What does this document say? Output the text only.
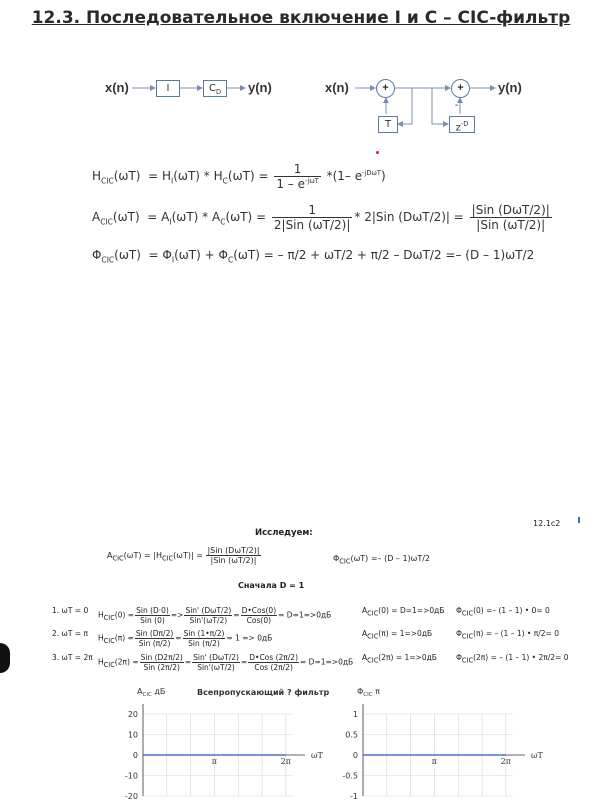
12.3. Последовательное включение I и С – CIC-фильтр
x(n)	I	$C_D$	y(n)	x(n)	+	+
T	$z^{-D}$
-
y(n)
$H_{CIC}(\omega T) = H_I(\omega T) * H_C(\omega T) = \frac{1}{1 - e^{-j\omega T}} *(1-$ $e^{-jD\omega T}$)
$A_{CIC}(\omega T) = A_I(\omega T) * A_C(\omega T) = \frac{1}{\text{2|Sin (ωT/2)|}} * 2|Sin$ $(D\omega T/2)| = \frac{\text{|Sin (DωT/2)|}}{\text{|Sin (ωT/2)|}}$
$\Phi_{CIC}(\omega T) = \Phi_I(\omega T) + \Phi_C(\omega T)$ = – π/2 + ωT/2 + π/2 – DωT/2 =– (D – 1)ωT/2
12.1c2
Исследуем:
$A_{CIC}(\omega T) = |H_{CIC}(\omega T)| = \frac{\text{|Sin (DωT/2)|}}{\text{|Sin (ωT/2)|}}$	$\Phi_{CIC}(\omega T) =- (D - 1)\omega T/2$
Сначала D = 1
1. ωT = 0 $H_{CIC}(0) = \frac{\text{Sin (D·0)}}{\text{Sin (0)}} => \frac{\text{Sin' (DωT/2)}}{\text{Sin'(ωT/2)}} = \frac{\text{D•Cos(0)}}{\text{Cos(0)}} = D=1=>0дБ$	$A_{CIC}(0) = D=1=>0дБ$ $\Phi_{CIC}(0) =- (1 - 1)$ • 0= 0
2. ωT = π $H_{CIC}(\pi) = \frac{\text{Sin (Dπ/2)}}{\text{Sin (π/2)}} = \frac{\text{Sin (1•π/2)}}{\text{Sin (π/2)}} = 1 => 0дБ$	$A_{CIC}(\pi) = 1=>0дБ$	$\Phi_{CIC}(\pi)$ = – (1 – 1) • π/2= 0
3. ωT = 2π $H_{CIC}(2\pi) = \frac{\text{Sin (D2π/2)}}{\text{Sin (2π/2)}} = \frac{\text{Sin' (DωT/2)}}{\text{Sin'(ωT/2)}} = \frac{\text{D•Cos (2π/2)}}{\text{Cos (2π/2)}} = D=1=>0дБ$ $A_{CIC}(2\pi) = 1=>0дБ$	$\Phi_{CIC}(2\pi)$ = – (1 – 1) • 2π/2= 0
Всепропускающий ? фильтр
$A_{CIC}$ дБ
20
10
0
-10
-20
π	2π
ωT
$\Phi_{CIC}$ π
1
0.5
0
-0.5
-1
π	2π
ωT
